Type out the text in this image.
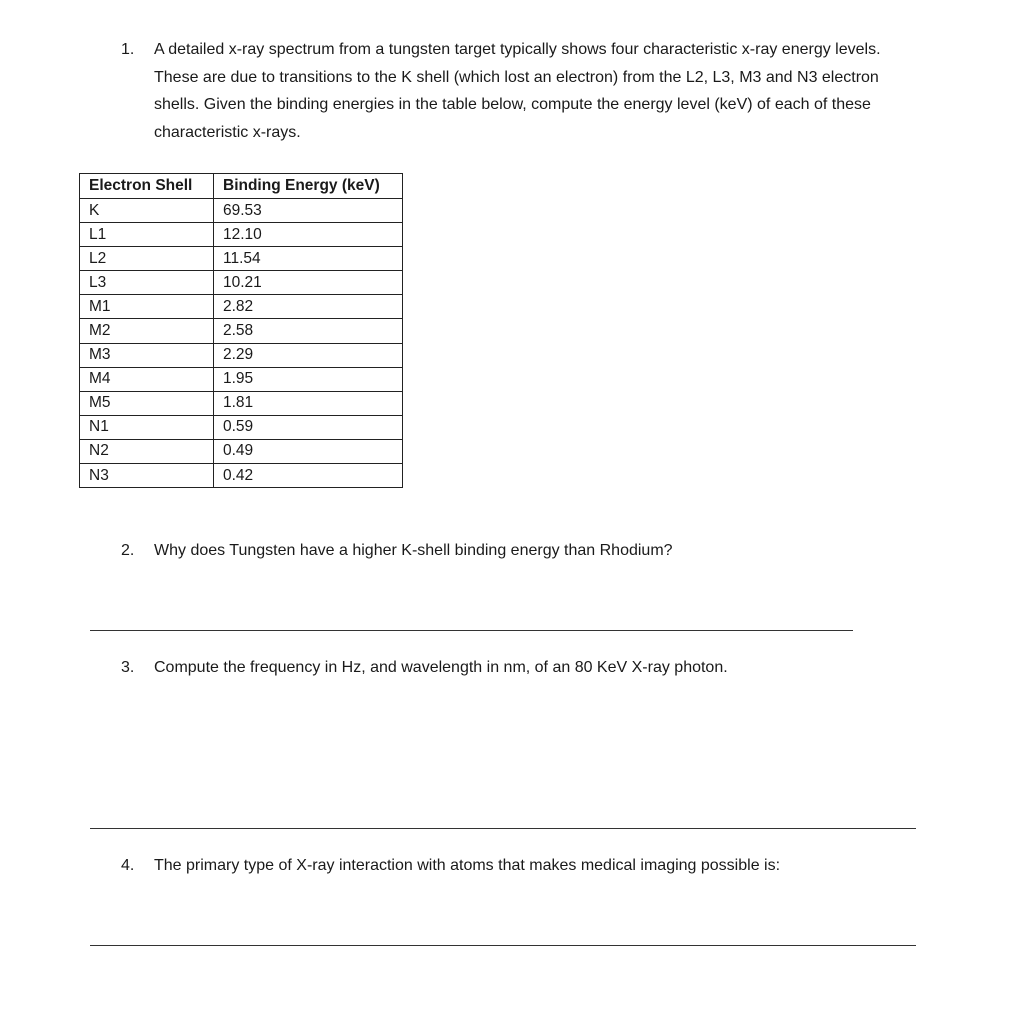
1. A detailed x-ray spectrum from a tungsten target typically shows four characteristic x-ray energy levels. These are due to transitions to the K shell (which lost an electron) from the L2, L3, M3 and N3 electron shells. Given the binding energies in the table below, compute the energy level (keV) of each of these characteristic x-rays.
Electron Shell	Binding Energy (keV)
K	69.53
L1	12.10
L2	11.54
L3	10.21
M1	2.82
M2	2.58
M3	2.29
M4	1.95
M5	1.81
N1	0.59
N2	0.49
N3	0.42
2. Why does Tungsten have a higher K-shell binding energy than Rhodium?
3. Compute the frequency in Hz, and wavelength in nm, of an 80 KeV X-ray photon.
4. The primary type of X-ray interaction with atoms that makes medical imaging possible is:
